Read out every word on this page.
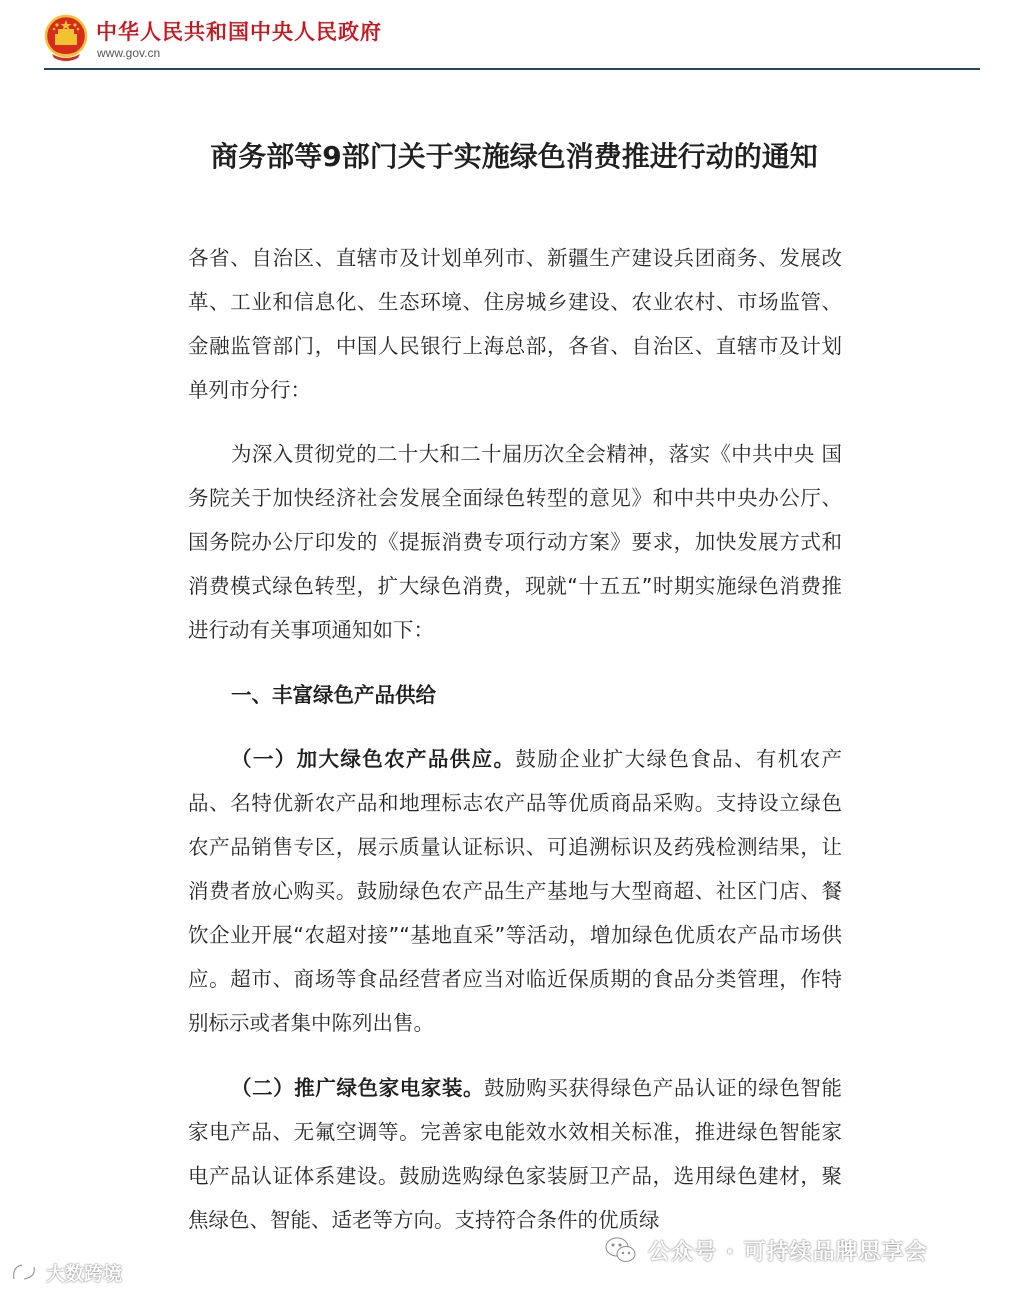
中华人民共和国中央人民政府
www.gov.cn
商务部等9部门关于实施绿色消费推进行动的通知

各省、自治区、直辖市及计划单列市、新疆生产建设兵团商务、发展改革、工业和信息化、生态环境、住房城乡建设、农业农村、市场监管、金融监管部门，中国人民银行上海总部，各省、自治区、直辖市及计划单列市分行：

为深入贯彻党的二十大和二十届历次全会精神，落实《中共中央 国务院关于加快经济社会发展全面绿色转型的意见》和中共中央办公厅、国务院办公厅印发的《提振消费专项行动方案》要求，加快发展方式和消费模式绿色转型，扩大绿色消费，现就“十五五”时期实施绿色消费推进行动有关事项通知如下：

一、丰富绿色产品供给

（一）加大绿色农产品供应。鼓励企业扩大绿色食品、有机农产品、名特优新农产品和地理标志农产品等优质商品采购。支持设立绿色农产品销售专区，展示质量认证标识、可追溯标识及药残检测结果，让消费者放心购买。鼓励绿色农产品生产基地与大型商超、社区门店、餐饮企业开展“农超对接”“基地直采”等活动，增加绿色优质农产品市场供应。超市、商场等食品经营者应当对临近保质期的食品分类管理，作特别标示或者集中陈列出售。

（二）推广绿色家电家装。鼓励购买获得绿色产品认证的绿色智能家电产品、无氟空调等。完善家电能效水效相关标准，推进绿色智能家电产品认证体系建设。鼓励选购绿色家装厨卫产品，选用绿色建材，聚焦绿色、智能、适老等方向。支持符合条件的优质绿

大数跨境
公众号 · 可持续品牌思享会
